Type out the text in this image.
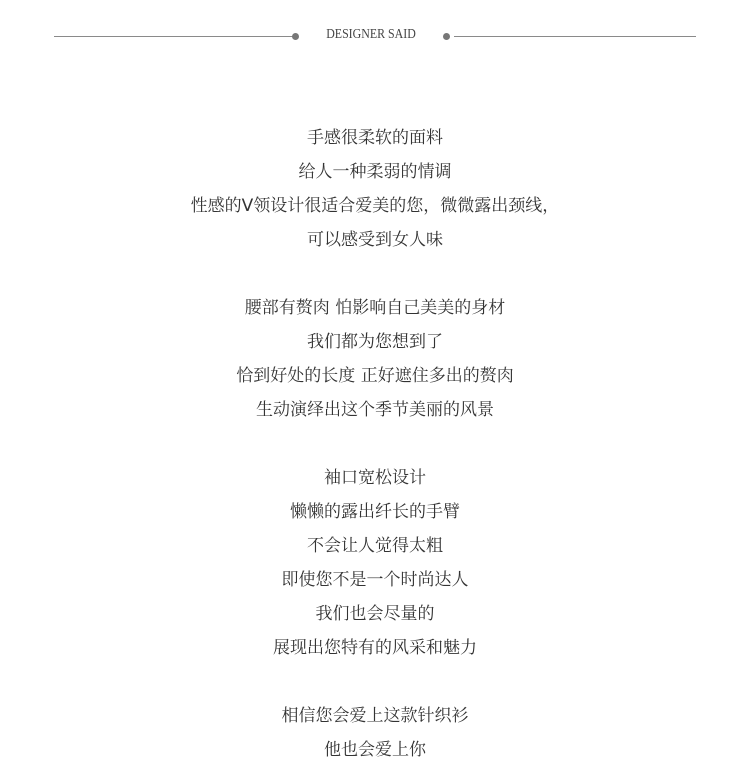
DESIGNER SAID
手感很柔软的面料
给人一种柔弱的情调
性感的V领设计很适合爱美的您，微微露出颈线，
可以感受到女人味
腰部有赘肉 怕影响自己美美的身材
我们都为您想到了
恰到好处的长度 正好遮住多出的赘肉
生动演绎出这个季节美丽的风景
袖口宽松设计
懒懒的露出纤长的手臂
不会让人觉得太粗
即使您不是一个时尚达人
我们也会尽量的
展现出您特有的风采和魅力
相信您会爱上这款针织衫
他也会爱上你
